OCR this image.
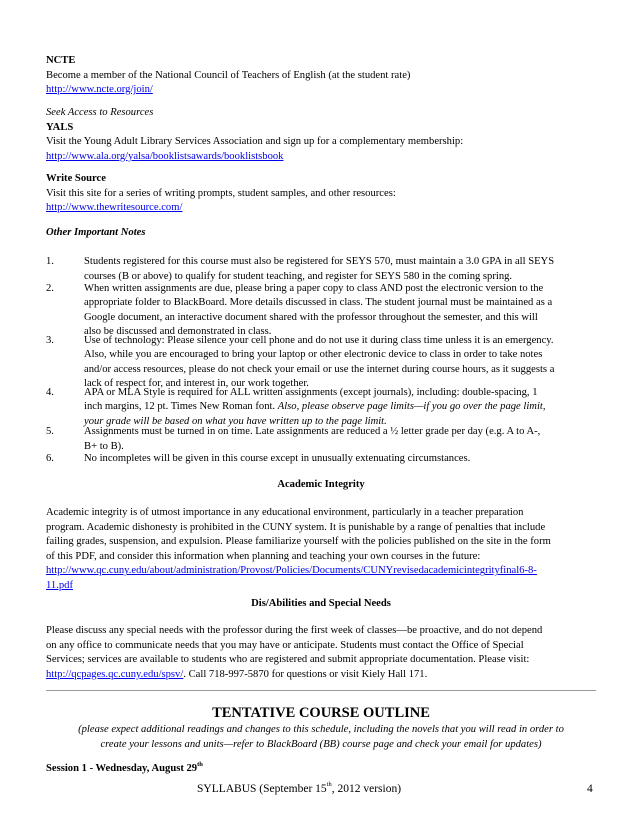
NCTE
Become a member of the National Council of Teachers of English (at the student rate)
http://www.ncte.org/join/
Seek Access to Resources
YALS
Visit the Young Adult Library Services Association and sign up for a complementary membership:
http://www.ala.org/yalsa/booklistsawards/booklistsbook
Write Source
Visit this site for a series of writing prompts, student samples, and other resources:
http://www.thewritesource.com/
Other Important Notes
1.	Students registered for this course must also be registered for SEYS 570, must maintain a 3.0 GPA in all SEYS
courses (B or above) to qualify for student teaching, and register for SEYS 580 in the coming spring.
2.	When written assignments are due, please bring a paper copy to class AND post the electronic version to the
appropriate folder to BlackBoard. More details discussed in class. The student journal must be maintained as a
Google document, an interactive document shared with the professor throughout the semester, and this will
also be discussed and demonstrated in class.
3.	Use of technology: Please silence your cell phone and do not use it during class time unless it is an emergency.
Also, while you are encouraged to bring your laptop or other electronic device to class in order to take notes
and/or access resources, please do not check your email or use the internet during course hours, as it suggests a
lack of respect for, and interest in, our work together.
4.	APA or MLA Style is required for ALL written assignments (except journals), including: double-spacing, 1
inch margins, 12 pt. Times New Roman font. Also, please observe page limits—if you go over the page limit,
your grade will be based on what you have written up to the page limit.
5.	Assignments must be turned in on time. Late assignments are reduced a ½ letter grade per day (e.g. A to A-,
B+ to B).
6.	No incompletes will be given in this course except in unusually extenuating circumstances.
Academic Integrity
Academic integrity is of utmost importance in any educational environment, particularly in a teacher preparation
program. Academic dishonesty is prohibited in the CUNY system. It is punishable by a range of penalties that include
failing grades, suspension, and expulsion. Please familiarize yourself with the policies published on the site in the form
of this PDF, and consider this information when planning and teaching your own courses in the future:
http://www.qc.cuny.edu/about/administration/Provost/Policies/Documents/CUNYrevisedacademicintegrityfinal6-8-
11.pdf
Dis/Abilities and Special Needs
Please discuss any special needs with the professor during the first week of classes—be proactive, and do not depend
on any office to communicate needs that you may have or anticipate. Students must contact the Office of Special
Services; services are available to students who are registered and submit appropriate documentation. Please visit:
http://qcpages.qc.cuny.edu/spsv/. Call 718-997-5870 for questions or visit Kiely Hall 171.
TENTATIVE COURSE OUTLINE
(please expect additional readings and changes to this schedule, including the novels that you will read in order to
create your lessons and units—refer to BlackBoard (BB) course page and check your email for updates)
Session 1 - Wednesday, August 29th
SYLLABUS (September 15th, 2012 version)	4
